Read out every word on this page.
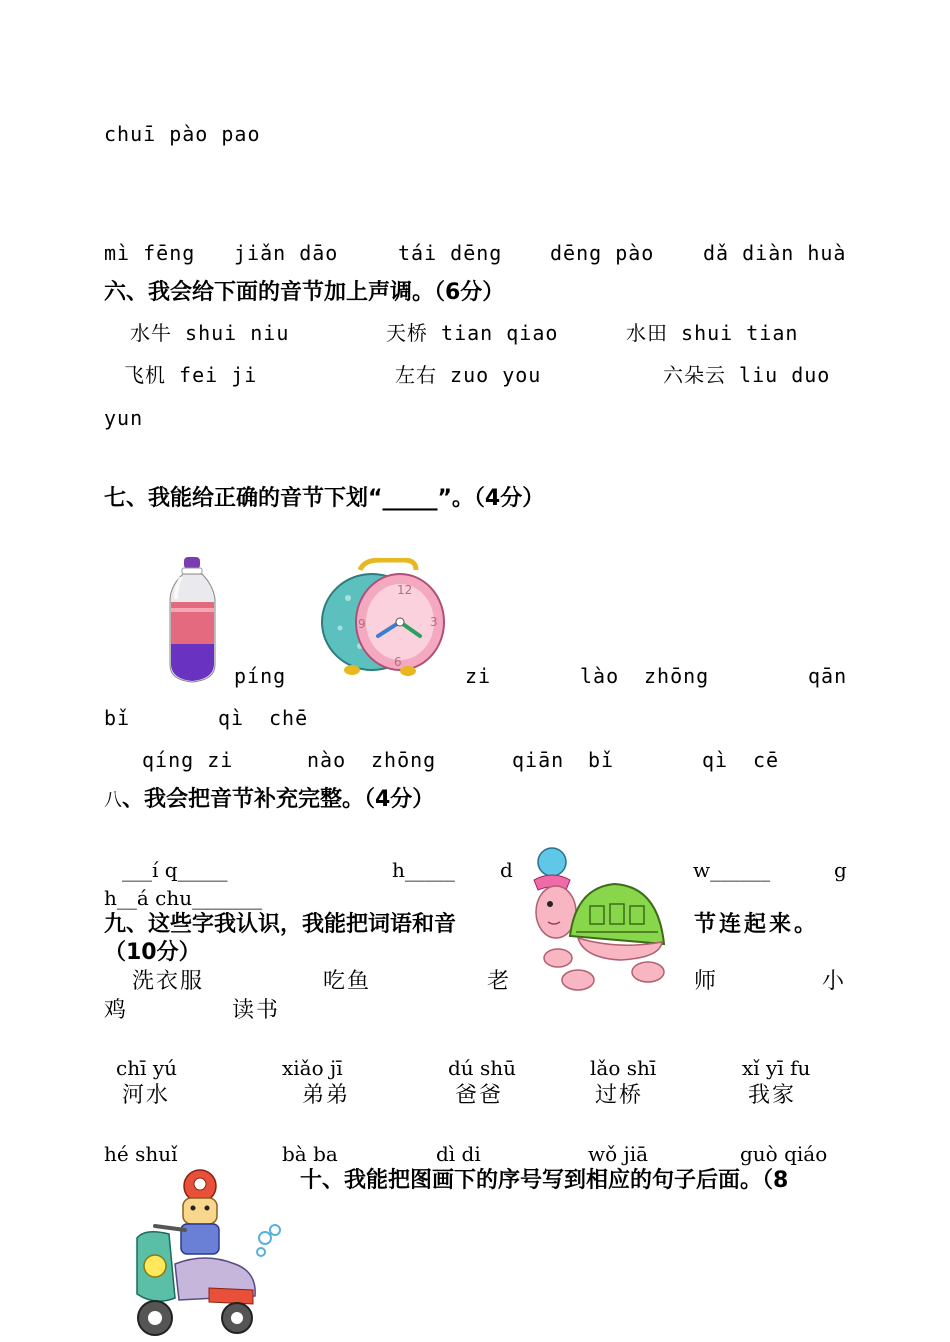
chuī pào pao
mì fēng jiǎn dāo	tái dēng dēng pào dǎ diàn huà
六、我会给下面的音节加上声调。（6分）
水牛 shui niu	天桥 tian qiao	水田 shui tian
飞机 fei ji	左右 zuo you	六朵云 liu duo
yun
七、我能给正确的音节下划“_____”。（4分）
píng
12
3
6
9
zi	lào zhōng	qān
bǐ	qì chē
qíng zi	nào zhōng	qiān bǐ	qì cē
八、我会把音节补充完整。（4分）
___í q_____	h_____ d	w______	g
h__á chu_______
九、这些字我认识，我能把词语和音	节连起来。
（10分）
洗衣服	吃鱼	老	师	小
鸡	读书
chī yú	xiǎo jī	dú shū	lǎo shī	xǐ yī fu
河水	弟弟	爸爸	过桥	我家
hé shuǐ	bà ba	dì di	wǒ jiā	guò qiáo
十、我能把图画下的序号写到相应的句子后面。（8
